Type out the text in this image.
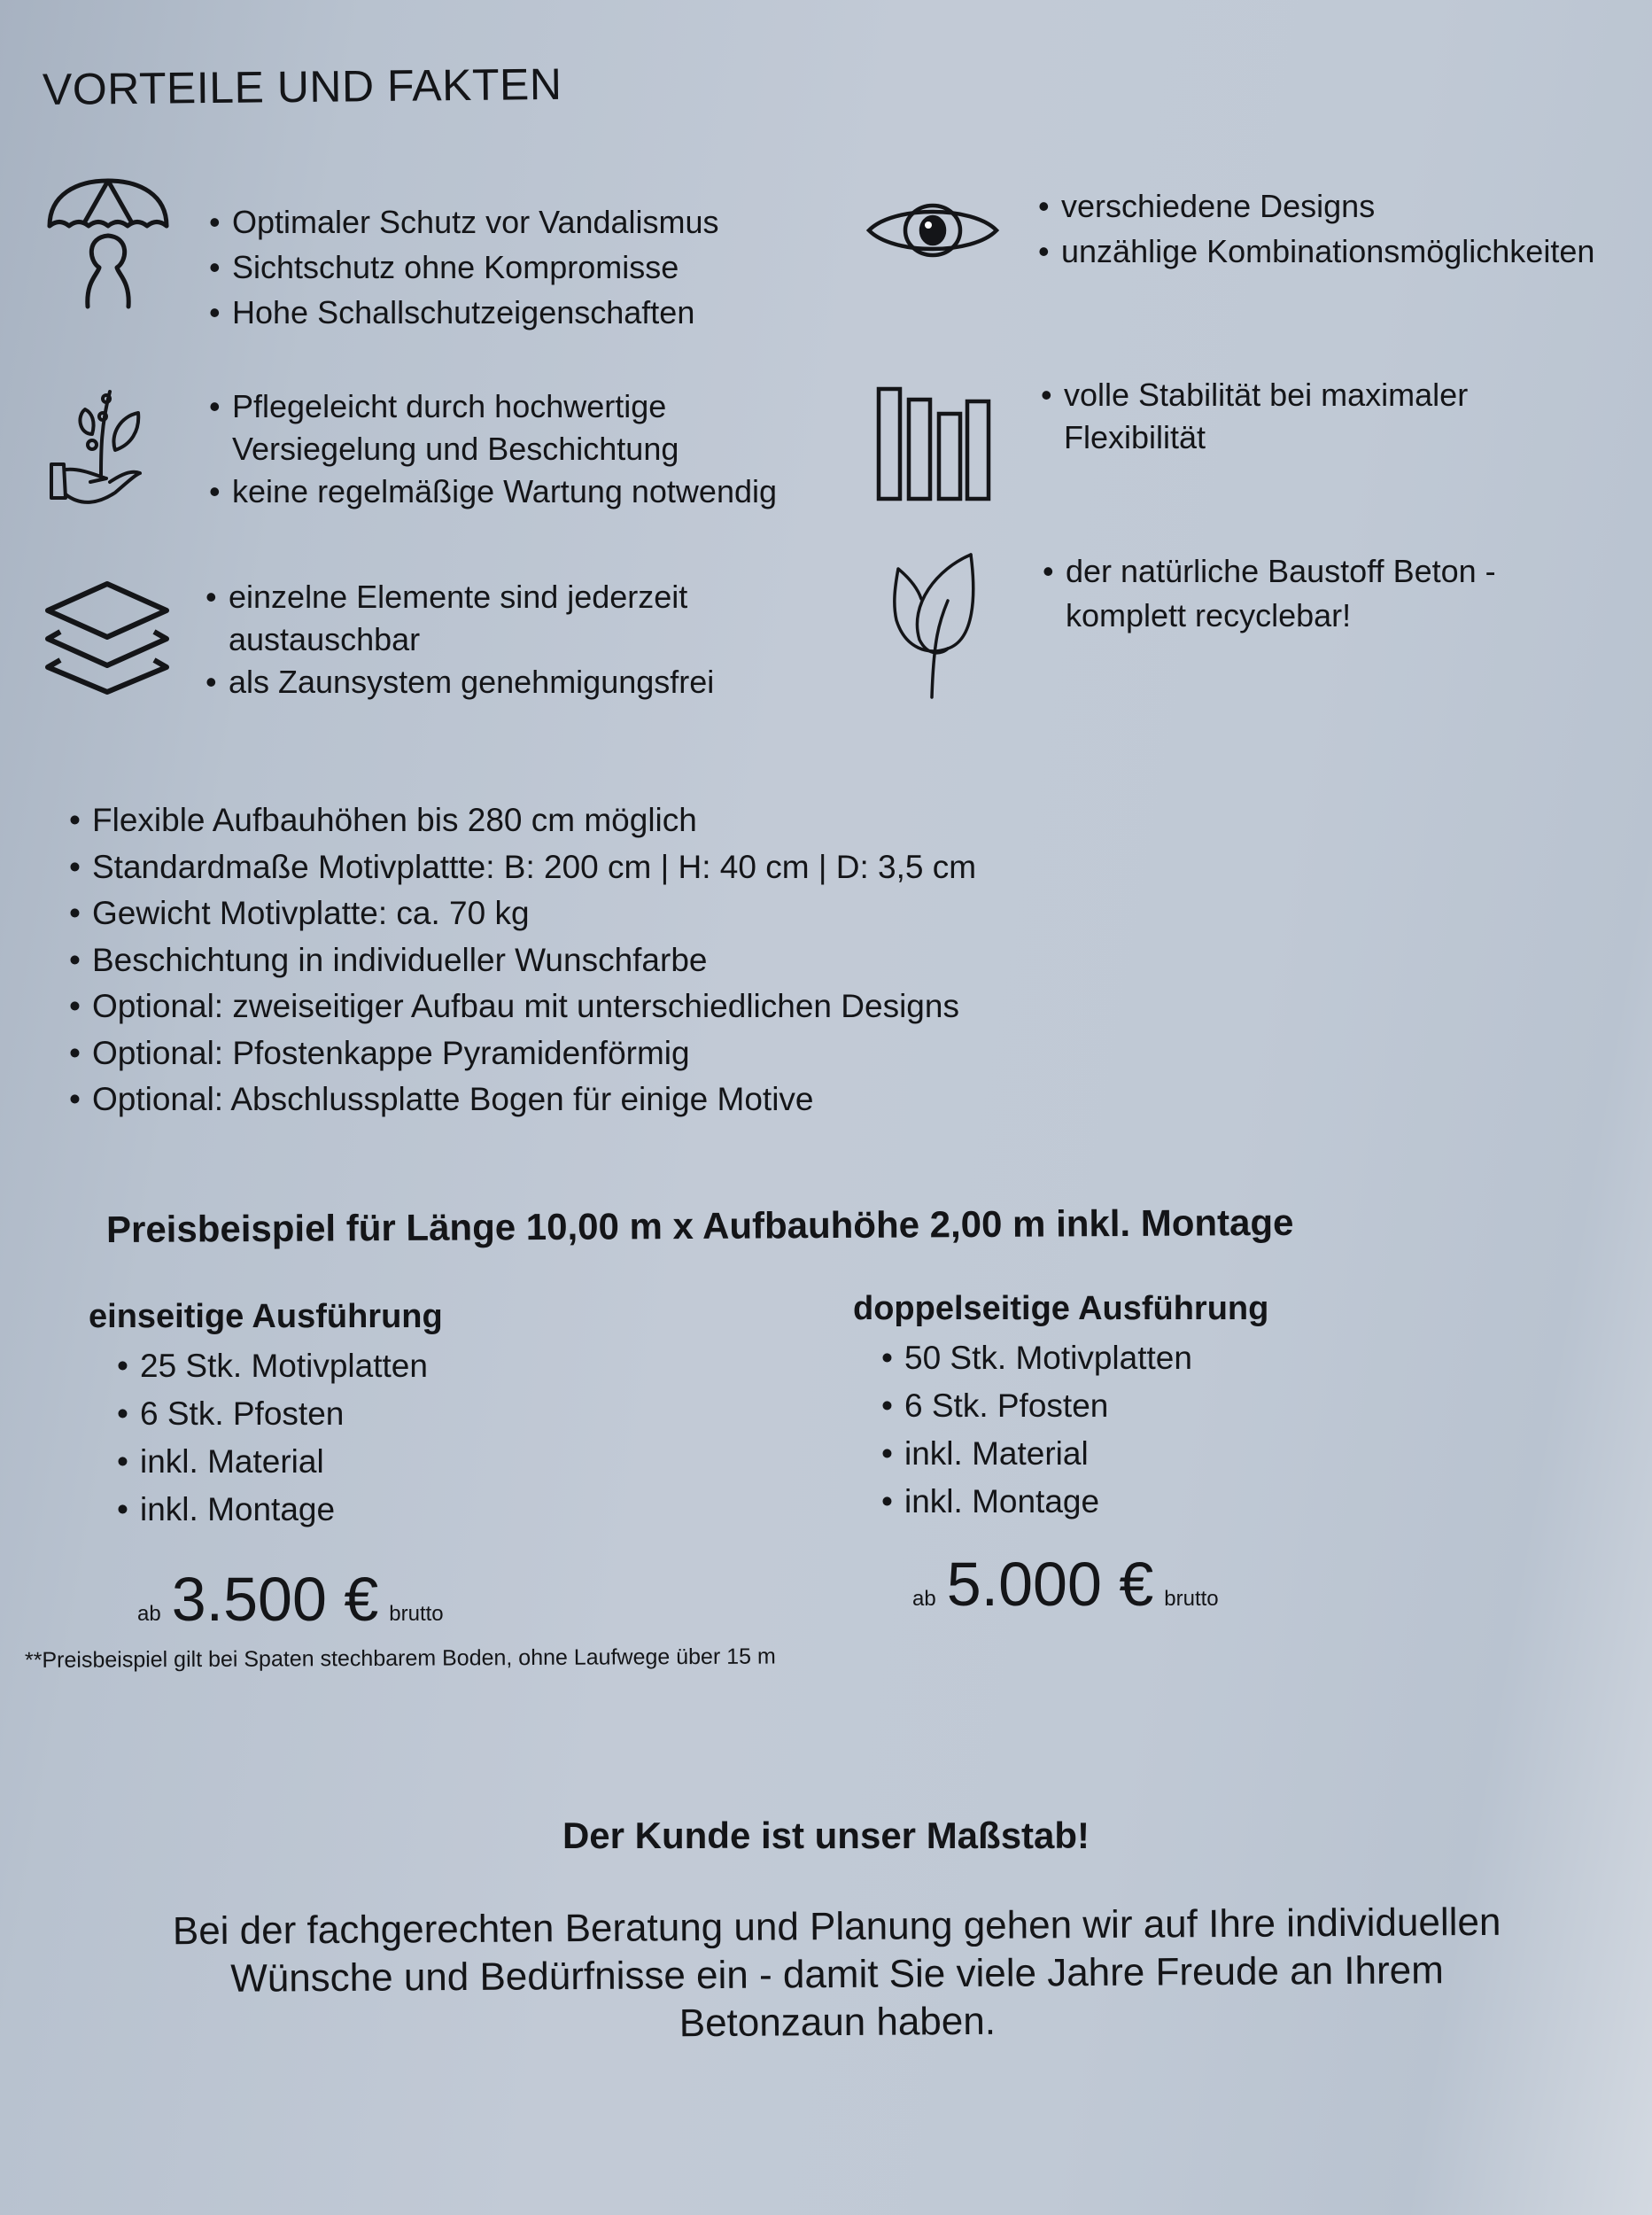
VORTEILE UND FAKTEN
• Optimaler Schutz vor Vandalismus
• Sichtschutz ohne Kompromisse
• Hohe Schallschutzeigenschaften
• verschiedene Designs
• unzählige Kombinationsmöglichkeiten
• Pflegeleicht durch hochwertige
Versiegelung und Beschichtung
• keine regelmäßige Wartung notwendig
• volle Stabilität bei maximaler
Flexibilität
• einzelne Elemente sind jederzeit
austauschbar
• als Zaunsystem genehmigungsfrei
• der natürliche Baustoff Beton -
komplett recyclebar!
• Flexible Aufbauhöhen bis 280 cm möglich
• Standardmaße Motivplattte: B: 200 cm | H: 40 cm | D: 3,5 cm
• Gewicht Motivplatte: ca. 70 kg
• Beschichtung in individueller Wunschfarbe
• Optional: zweiseitiger Aufbau mit unterschiedlichen Designs
• Optional: Pfostenkappe Pyramidenförmig
• Optional: Abschlussplatte Bogen für einige Motive
Preisbeispiel für Länge 10,00 m x Aufbauhöhe 2,00 m inkl. Montage
einseitige Ausführung
• 25 Stk. Motivplatten
• 6 Stk. Pfosten
• inkl. Material
• inkl. Montage
ab 3.500 € brutto
doppelseitige Ausführung
• 50 Stk. Motivplatten
• 6 Stk. Pfosten
• inkl. Material
• inkl. Montage
ab 5.000 € brutto
**Preisbeispiel gilt bei Spaten stechbarem Boden, ohne Laufwege über 15 m
Der Kunde ist unser Maßstab!
Bei der fachgerechten Beratung und Planung gehen wir auf Ihre individuellen
Wünsche und Bedürfnisse ein - damit Sie viele Jahre Freude an Ihrem
Betonzaun haben.
